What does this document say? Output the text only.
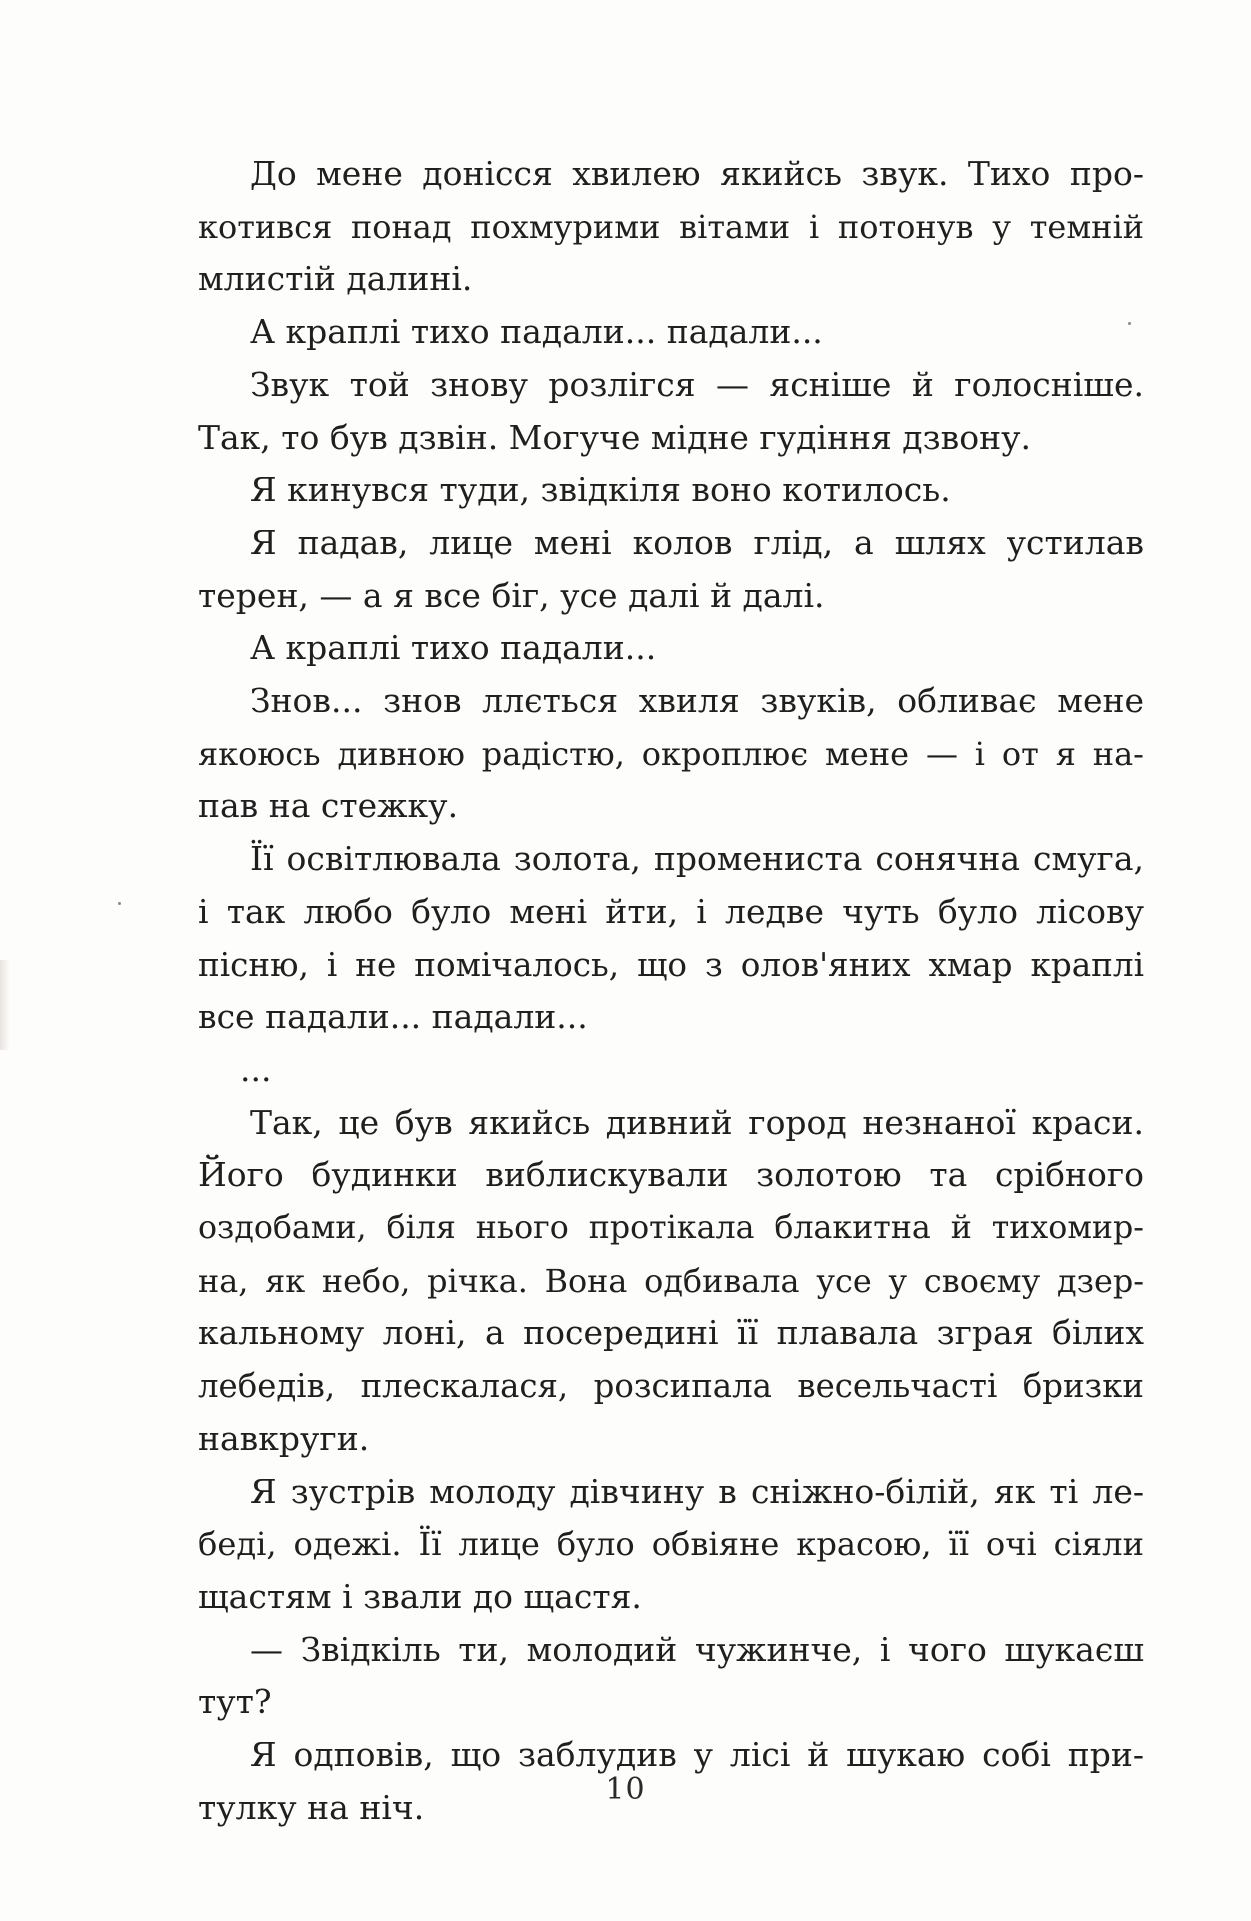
До мене донісся хвилею якийсь звук. Тихо про-
котився понад похмурими вітами і потонув у темній
млистій далині.

А краплі тихо падали... падали...

Звук той знову розлігся — ясніше й голосніше.
Так, то був дзвін. Могуче мідне гудіння дзвону.

Я кинувся туди, звідкіля воно котилось.

Я падав, лице мені колов глід, а шлях устилав
терен, — а я все біг, усе далі й далі.

А краплі тихо падали...

Знов... знов ллється хвиля звуків, обливає мене
якоюсь дивною радістю, окроплює мене — і от я на-
пав на стежку.

Її освітлювала золота, промениста сонячна смуга,
і так любо було мені йти, і ледве чуть було лісову
пісню, і не помічалось, що з олов'яних хмар краплі
все падали... падали...

...

Так, це був якийсь дивний город незнаної краси.
Його будинки виблискували золотою та срібного
оздобами, біля нього протікала блакитна й тихомир-
на, як небо, річка. Вона одбивала усе у своєму дзер-
кальному лоні, а посередині її плавала зграя білих
лебедів, плескалася, розсипала весельчасті бризки
навкруги.

Я зустрів молоду дівчину в сніжно-білій, як ті ле-
беді, одежі. Її лице було обвіяне красою, її очі сіяли
щастям і звали до щастя.

— Звідкіль ти, молодий чужинче, і чого шукаєш
тут?

Я одповів, що заблудив у лісі й шукаю собі при-
тулку на ніч.	10
